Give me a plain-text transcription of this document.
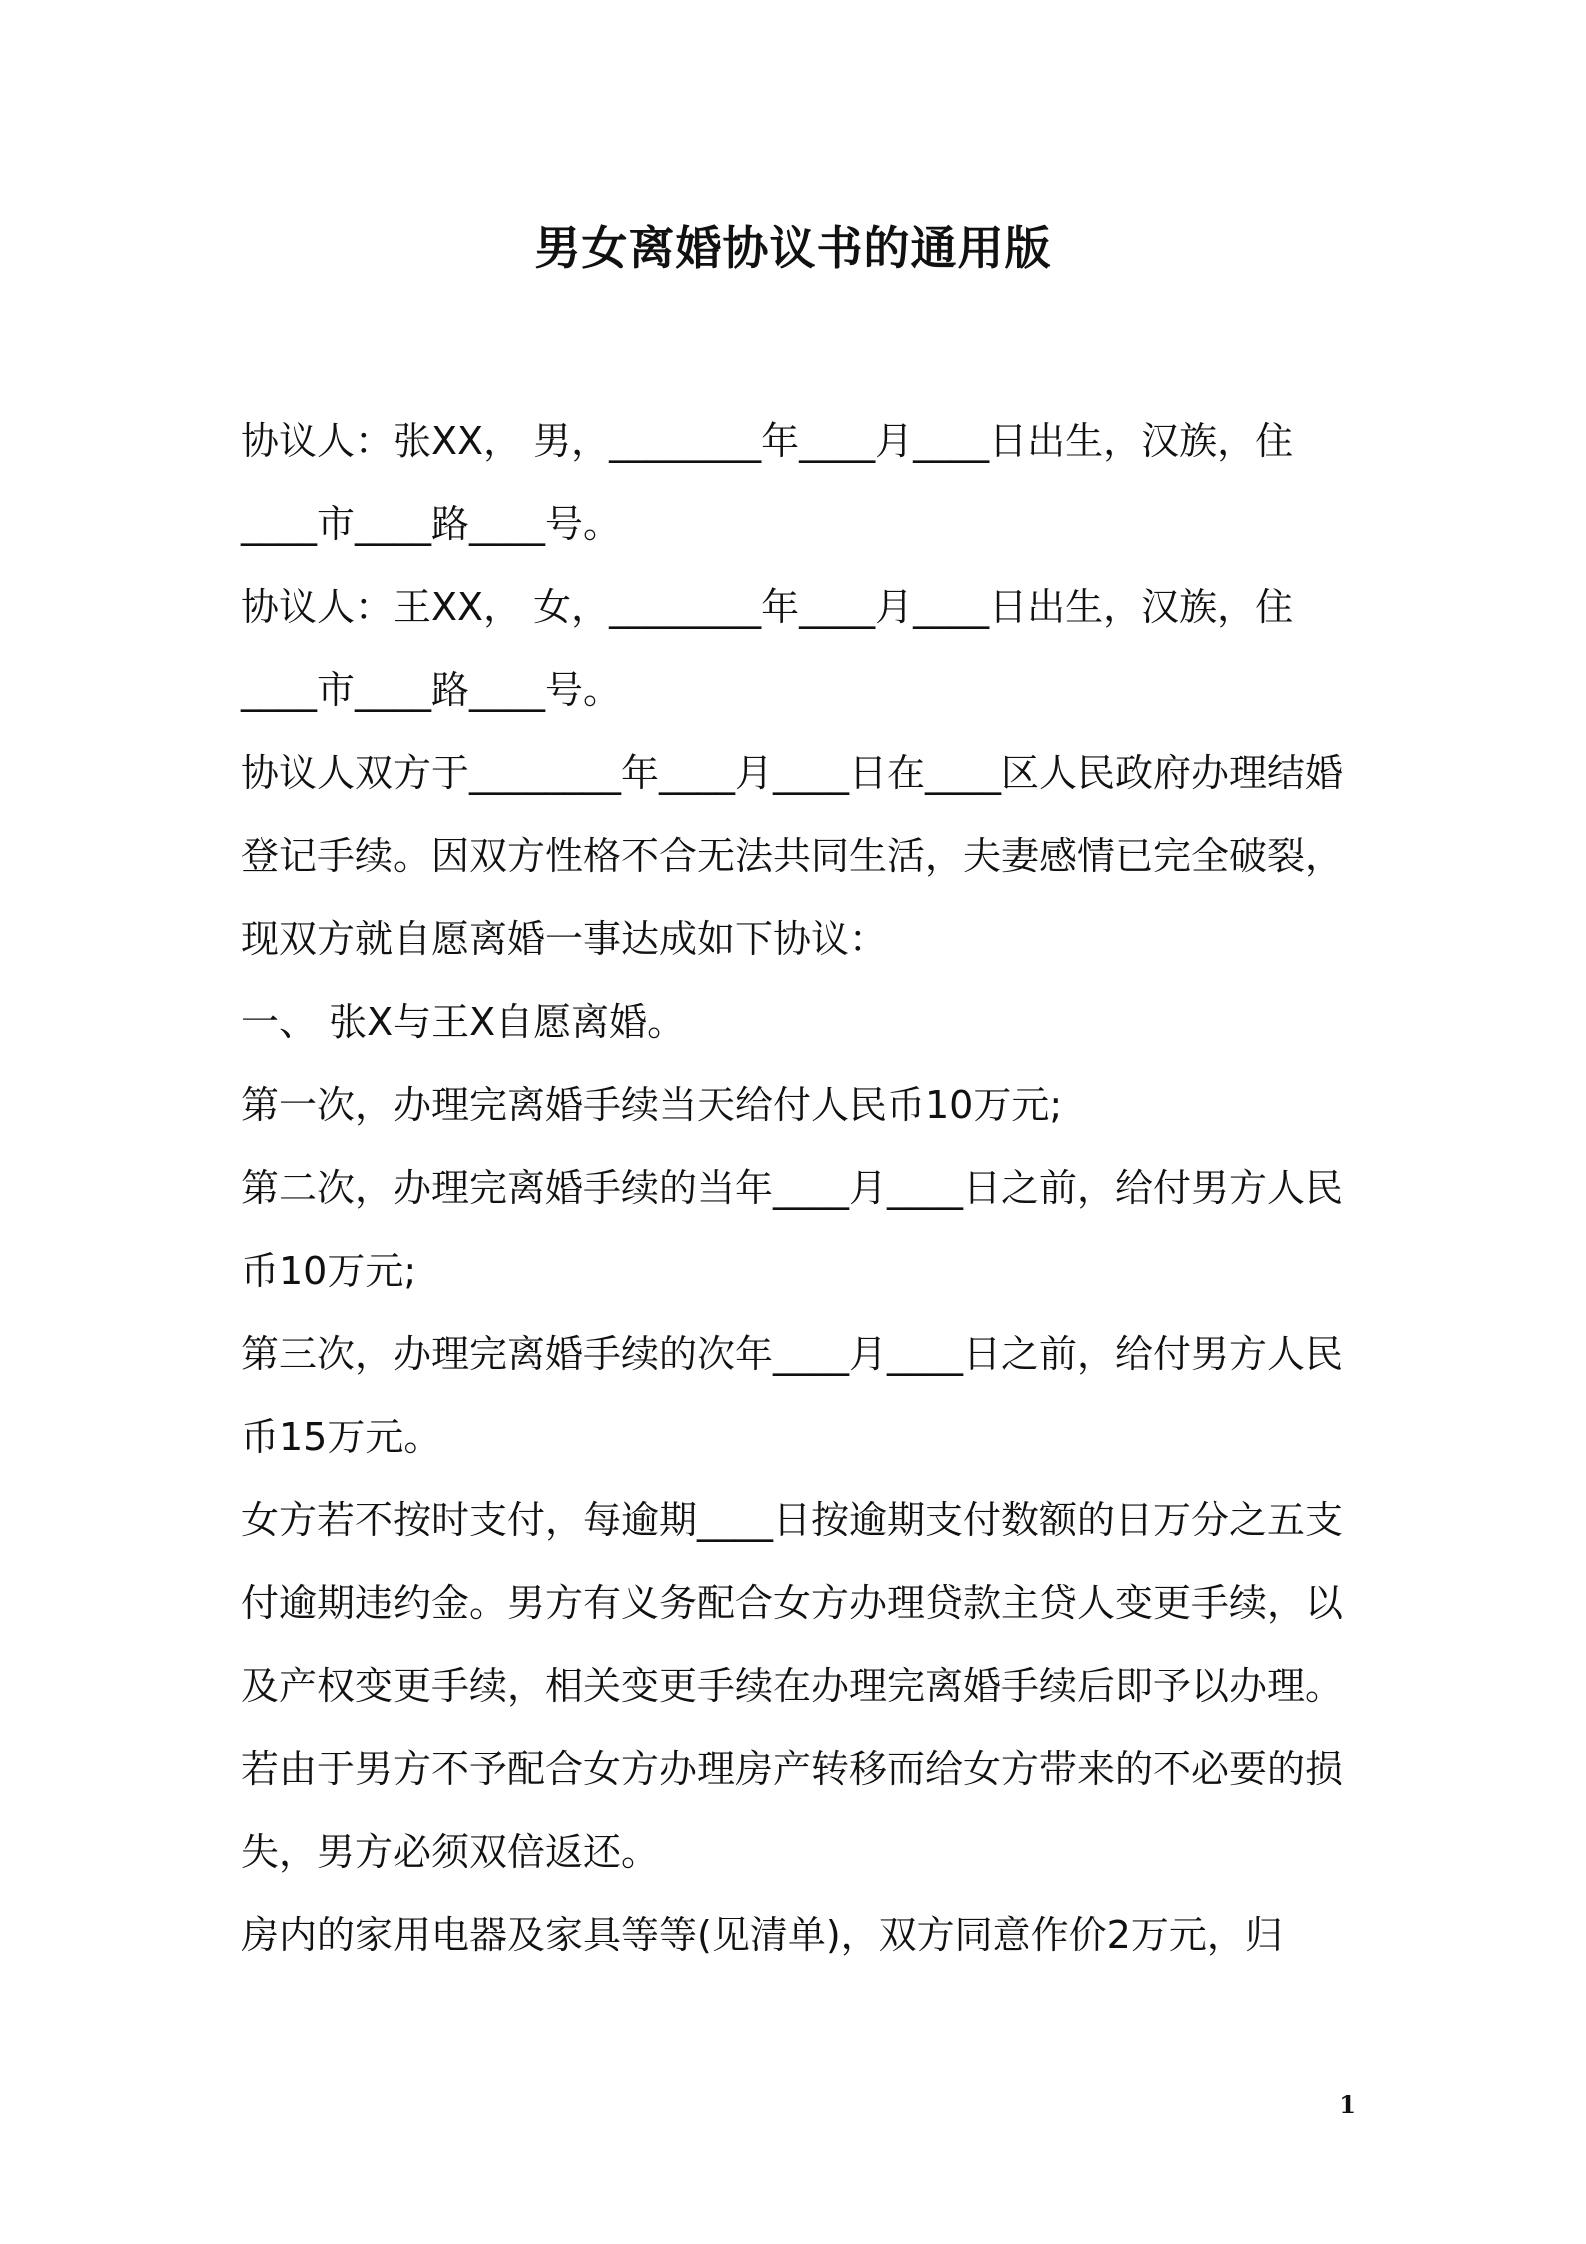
男女离婚协议书的通用版

协议人：张XX， 男，________年____月____日出生，汉族，住____市____路____号。

协议人：王XX， 女，________年____月____日出生，汉族，住____市____路____号。

协议人双方于________年____月____日在____区人民政府办理结婚登记手续。因双方性格不合无法共同生活，夫妻感情已完全破裂，现双方就自愿离婚一事达成如下协议：

一、 张X与王X自愿离婚。

第一次，办理完离婚手续当天给付人民币10万元;

第二次，办理完离婚手续的当年____月____日之前，给付男方人民币10万元;

第三次，办理完离婚手续的次年____月____日之前，给付男方人民币15万元。

女方若不按时支付，每逾期____日按逾期支付数额的日万分之五支付逾期违约金。男方有义务配合女方办理贷款主贷人变更手续，以及产权变更手续，相关变更手续在办理完离婚手续后即予以办理。若由于男方不予配合女方办理房产转移而给女方带来的不必要的损失，男方必须双倍返还。

房内的家用电器及家具等等(见清单)，双方同意作价2万元，归

1
